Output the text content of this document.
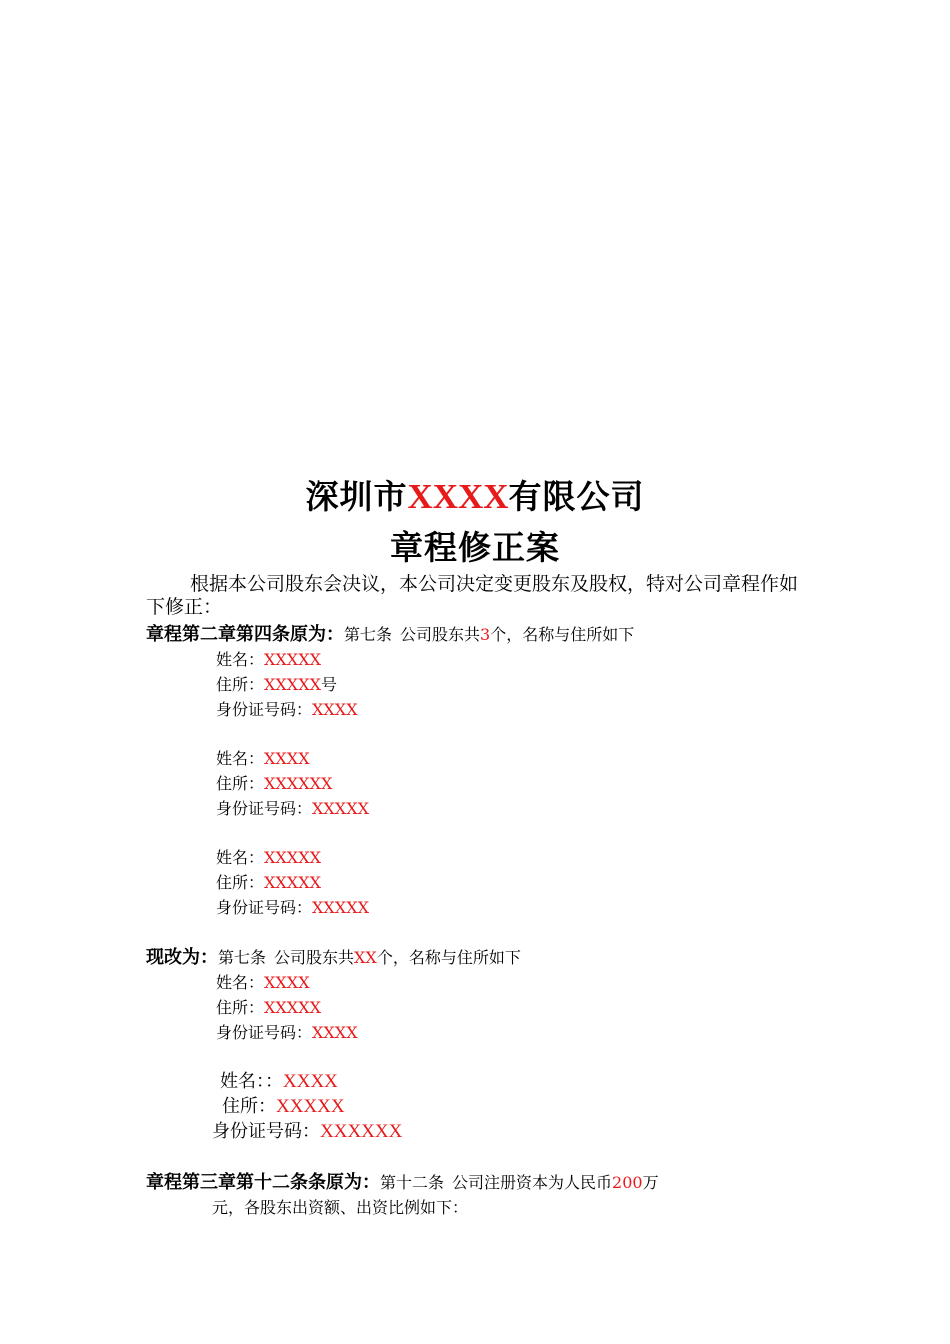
深圳市XXXX有限公司
章程修正案
根据本公司股东会决议，本公司决定变更股东及股权，特对公司章程作如下修正：
章程第二章第四条原为：第七条 公司股东共3个，名称与住所如下
姓名：XXXXX
住所：XXXXX号
身份证号码：XXXX
姓名：XXXX
住所：XXXXXX
身份证号码：XXXXX
姓名：XXXXX
住所：XXXXX
身份证号码：XXXXX
现改为：第七条 公司股东共XX个，名称与住所如下
姓名：XXXX
住所：XXXXX
身份证号码：XXXX
姓名：：XXXX
住所：XXXXX
身份证号码：XXXXXX
章程第三章第十二条条原为：第十二条 公司注册资本为人民币200万
元，各股东出资额、出资比例如下：
